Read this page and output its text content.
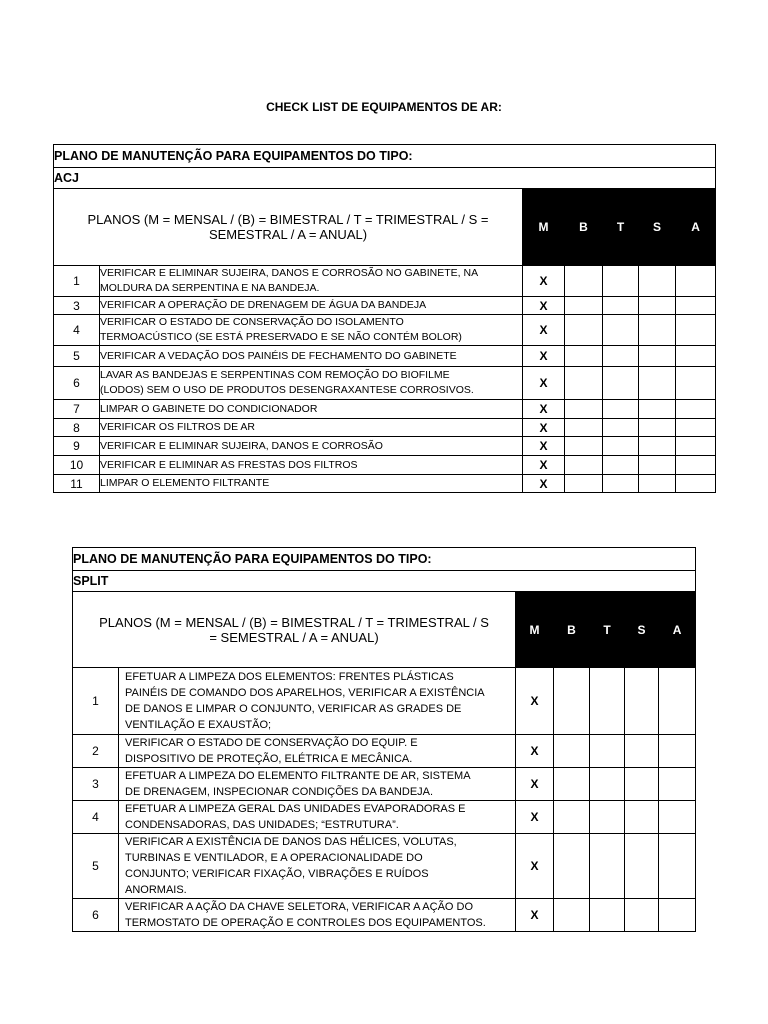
CHECK LIST DE EQUIPAMENTOS DE AR:
PLANO DE MANUTENÇÃO PARA EQUIPAMENTOS DO TIPO:						
ACJ						
PLANOS (M = MENSAL / (B) = BIMESTRAL / T = TRIMESTRAL / S =
SEMESTRAL / A = ANUAL)		M	B	T	S	A
1	VERIFICAR E ELIMINAR SUJEIRA, DANOS E CORROSÃO NO GABINETE, NA
MOLDURA DA SERPENTINA E NA BANDEJA.	X				
3	VERIFICAR A OPERAÇÃO DE DRENAGEM DE ÁGUA DA BANDEJA	X				
4	VERIFICAR O ESTADO DE CONSERVAÇÃO DO ISOLAMENTO
TERMOACÚSTICO (SE ESTÁ PRESERVADO E SE NÃO CONTÉM BOLOR)	X				
5	VERIFICAR A VEDAÇÃO DOS PAINÉIS DE FECHAMENTO DO GABINETE	X				
6	LAVAR AS BANDEJAS E SERPENTINAS COM REMOÇÃO DO BIOFILME
(LODOS) SEM O USO DE PRODUTOS DESENGRAXANTESE CORROSIVOS.	X				
7	LIMPAR O GABINETE DO CONDICIONADOR	X				
8	VERIFICAR OS FILTROS DE AR	X				
9	VERIFICAR E ELIMINAR SUJEIRA, DANOS E CORROSÃO	X				
10	VERIFICAR E ELIMINAR AS FRESTAS DOS FILTROS	X				
11	LIMPAR O ELEMENTO FILTRANTE	X				
PLANO DE MANUTENÇÃO PARA EQUIPAMENTOS DO TIPO:						
SPLIT						
PLANOS (M = MENSAL / (B) = BIMESTRAL / T = TRIMESTRAL / S
= SEMESTRAL / A = ANUAL)		M	B	T	S	A
1	EFETUAR A LIMPEZA DOS ELEMENTOS: FRENTES PLÁSTICAS
PAINÉIS DE COMANDO DOS APARELHOS, VERIFICAR A EXISTÊNCIA
DE DANOS E LIMPAR O CONJUNTO, VERIFICAR AS GRADES DE
VENTILAÇÃO E EXAUSTÃO;	X				
2	VERIFICAR O ESTADO DE CONSERVAÇÃO DO EQUIP. E
DISPOSITIVO DE PROTEÇÃO, ELÉTRICA E MECÂNICA.	X				
3	EFETUAR A LIMPEZA DO ELEMENTO FILTRANTE DE AR, SISTEMA
DE DRENAGEM, INSPECIONAR CONDIÇÕES DA BANDEJA.	X				
4	EFETUAR A LIMPEZA GERAL DAS UNIDADES EVAPORADORAS E
CONDENSADORAS, DAS UNIDADES; “ESTRUTURA”.	X				
5	VERIFICAR A EXISTÊNCIA DE DANOS DAS HÉLICES, VOLUTAS,
TURBINAS E VENTILADOR, E A OPERACIONALIDADE DO
CONJUNTO; VERIFICAR FIXAÇÃO, VIBRAÇÕES E RUÍDOS
ANORMAIS.	X				
6	VERIFICAR A AÇÃO DA CHAVE SELETORA, VERIFICAR A AÇÃO DO
TERMOSTATO DE OPERAÇÃO E CONTROLES DOS EQUIPAMENTOS.	X				
